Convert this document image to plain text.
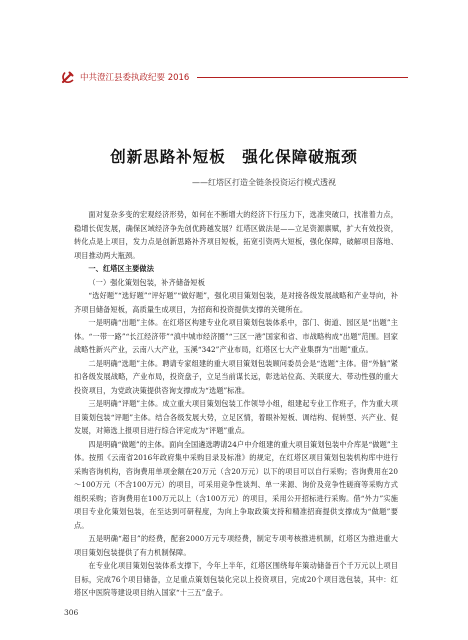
中共澄江县委执政纪要 2016
创新思路补短板　强化保障破瓶颈
——红塔区打造全链条投资运行模式透视

面对复杂多变的宏观经济形势，如何在不断增大的经济下行压力下，选准突破口，找准着力点，稳增长促发展，确保区域经济争先创优跨越发展？红塔区做法是——立足资源禀赋，扩大有效投资，转化点是上项目，发力点是创新思路补齐项目短板，拓宽引资两大短板，强化保障，破解项目落地、项目推动两大瓶颈。

一、红塔区主要做法
（一）强化策划包装，补齐储备短板

“选好题”“选好题”“评好题”“做好题”，强化项目策划包装，是对接各级发展战略和产业导向，补齐项目储备短板，高质量生成项目，为招商和投资提供支撑的关键所在。

一是明确“出题”主体。在红塔区构建专业化项目策划包装体系中，部门、街道、园区是“出题”主体。“一带一路”“长江经济带”“滇中城市经济圈”“三区一港”国家和省、市战略构成“出题”范围。回家战略性新兴产业，云南八大产业，玉溪“342”产业布局，红塔区七大产业集群为“出题”重点。

二是明确“选题”主体。聘请专家组建的重大项目策划包装顾问委员会是“选题”主体。借“外脑”紧扣各级发展战略，产业布局，投资盘子，立足当前谋长远，彰选站位高、关联度大、带动性强的重大投资项目，为党政决策提供咨询支撑成为“选题”标准。

三是明确“评题”主体。成立重大项目策划包装工作领导小组，组建起专业工作班子，作为重大项目策划包装“评题”主体。结合各级发展大势，立足区情，着眼补短板、调结构、促转型、兴产业、促发展，对筛选上报项目进行综合评定成为“评题”重点。

四是明确“做题”的主体。面向全国遴选聘请24户中介组建的重大项目策划包装中介库是“做题”主体。按照《云南省2016年政府集中采购目录及标准》的规定，在红塔区项目策划包装机构库中进行采购咨询机构，咨询费用单项金额在20万元（含20万元）以下的项目可以自行采购；咨询费用在20～100万元（不含100万元）的项目，可采用竞争性谈判、单一来源、询价及竞争性磋商等采购方式组织采购；咨询费用在100万元以上（含100万元）的项目，采用公开招标进行采购。借“外力”实施项目专业化策划包装，在至达到可研程度，为向上争取政策支持和精准招商提供支撑成为“做题”要点。

五是明确“超目”的经费，配套2000万元专项经费，制定专项考核推进机制，红塔区为推进重大项目策划包装提供了有力机制保障。

在专业化项目策划包装体系支撑下，今年上半年，红塔区围绕每年策动储备百个千万元以上项目目标，完成76个项目储备，立足重点策划包装化完以上投资项目，完成20个项目选包装，其中：红塔区中医院等建设项目纳入国家“十三五”盘子。

306
